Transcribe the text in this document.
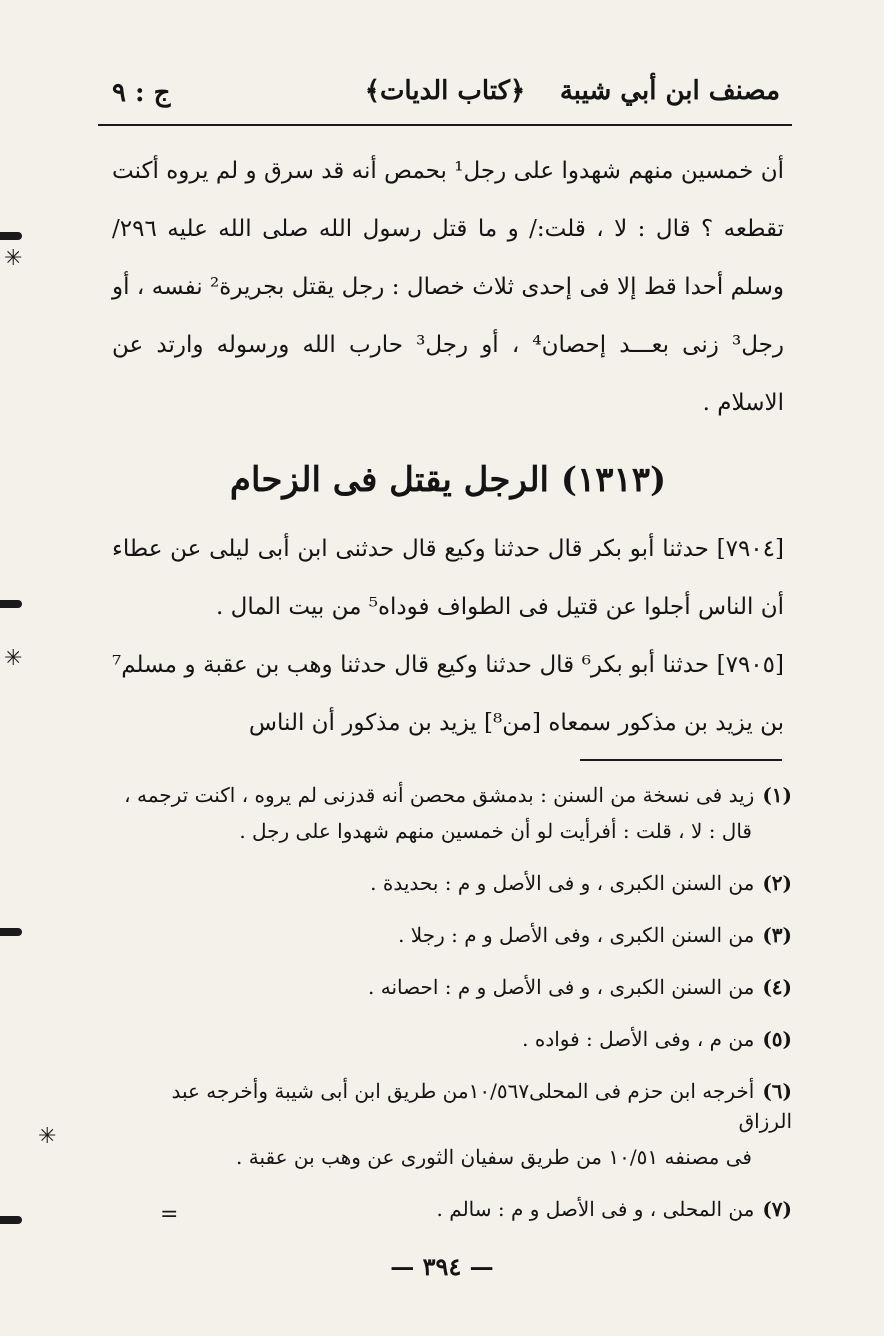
مصنف ابن أبي شيبة
﴿كتاب الديات﴾
ج : ٩
أن خمسين منهم شهدوا على رجل¹ بحمص أنه قد سرق و لم يروه أكنت تقطعه ؟ قال : لا ، قلت:/ و ما قتل رسول الله صلى الله عليه ٢٩٦/ وسلم أحدا قط إلا فى إحدى ثلاث خصال : رجل يقتل بجريرة² نفسه ، أو رجل³ زنى بعـــد إحصان⁴ ، أو رجل³ حارب الله ورسوله وارتد عن الاسلام .
(١٣١٣) الرجل يقتل فى الزحام
[٧٩٠٤] حدثنا أبو بكر قال حدثنا وكيع قال حدثنى ابن أبى ليلى عن عطاء أن الناس أجلوا عن قتيل فى الطواف فوداه⁵ من بيت المال .
[٧٩٠٥] حدثنا أبو بكر⁶ قال حدثنا وكيع قال حدثنا وهب بن عقبة و مسلم⁷ بن يزيد بن مذكور سمعاه [من⁸] يزيد بن مذكور أن الناس
(١)زيد فى نسخة من السنن : بدمشق محصن أنه قدزنى لم يروه ، اكنت ترجمه ،
قال : لا ، قلت : أفرأيت لو أن خمسين منهم شهدوا على رجل .
(٢)من السنن الكبرى ، و فى الأصل و م : بحديدة .
(٣)من السنن الكبرى ، وفى الأصل و م : رجلا .
(٤)من السنن الكبرى ، و فى الأصل و م : احصانه .
(٥)من م ، وفى الأصل : فواده .
(٦)أخرجه ابن حزم فى المحلى١٠/٥٦٧من طريق ابن أبى شيبة وأخرجه عبد الرزاق
فى مصنفه ١٠/٥١ من طريق سفيان الثورى عن وهب بن عقبة .
(٧)من المحلى ، و فى الأصل و م : سالم .
— ٣٩٤ —
✳
✳
✳
=
